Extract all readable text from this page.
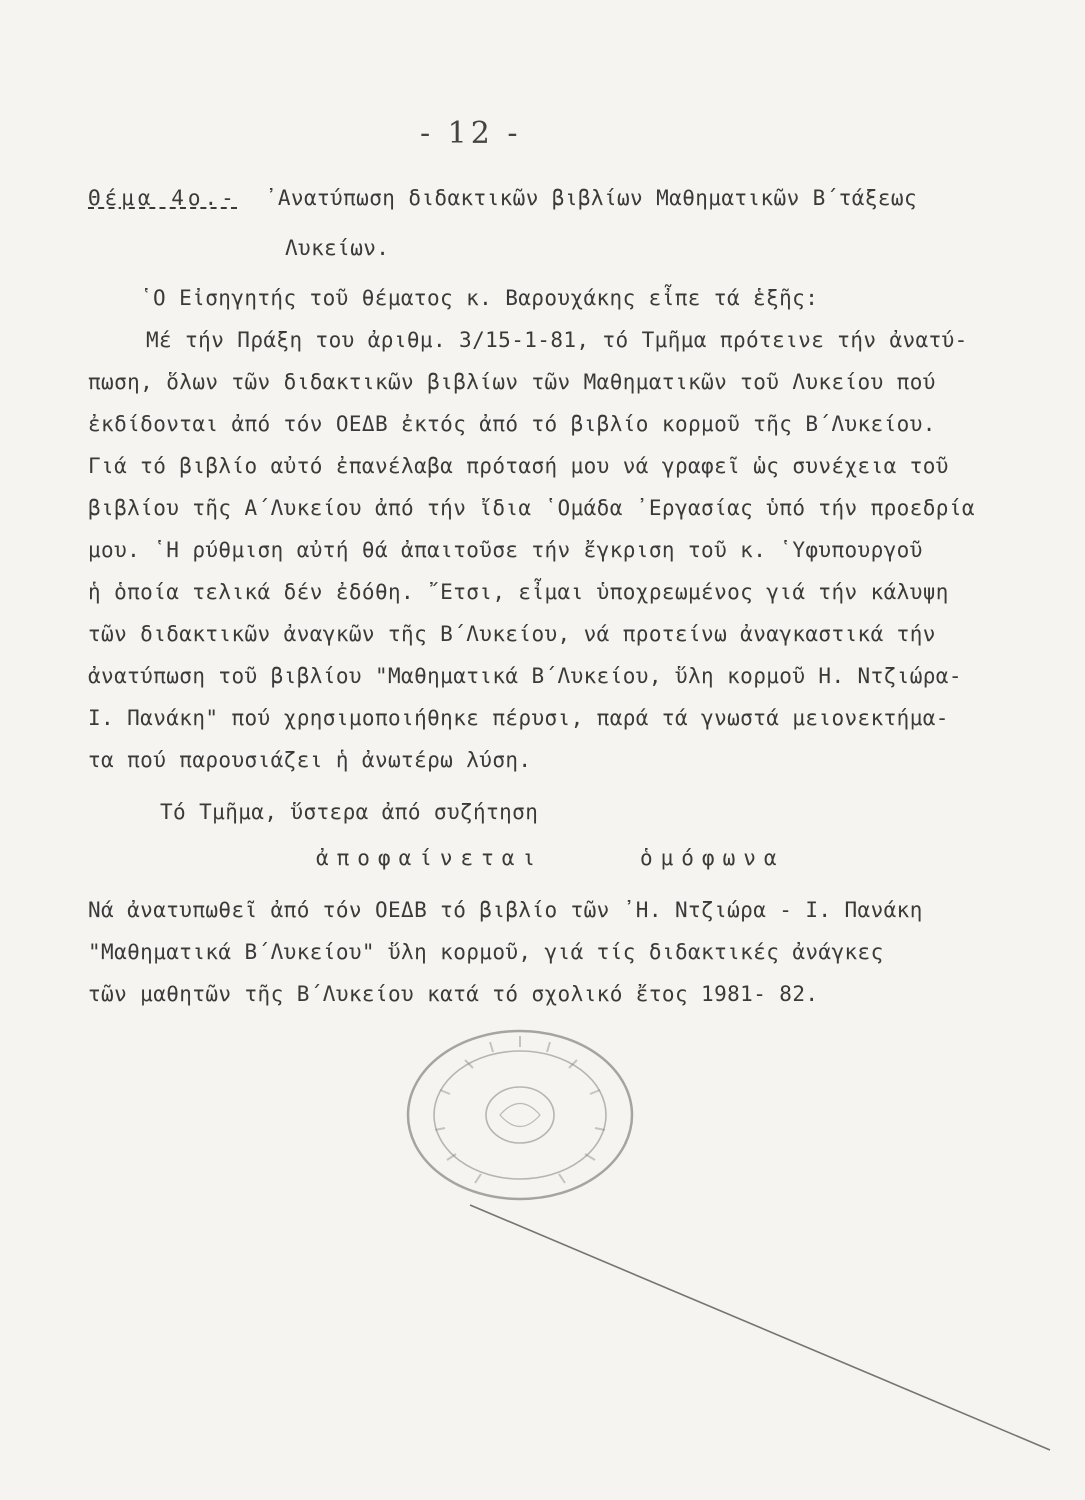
- 12 -
Θέμα 4ο.- ᾿Ανατύπωση διδακτικῶν βιβλίων Μαθηματικῶν Β΄τάξεως
Λυκείων.
῾Ο Εἰσηγητής τοῦ θέματος κ. Βαρουχάκης εἶπε τά ἑξῆς:
Μέ τήν Πράξη του ἀριθμ. 3/15-1-81, τό Τμῆμα πρότεινε τήν ἀνατύ-
πωση, ὅλων τῶν διδακτικῶν βιβλίων τῶν Μαθηματικῶν τοῦ Λυκείου πού
ἐκδίδονται ἀπό τόν ΟΕΔΒ ἐκτός ἀπό τό βιβλίο κορμοῦ τῆς Β΄Λυκείου.
Γιά τό βιβλίο αὐτό ἐπανέλαβα πρότασή μου νά γραφεῖ ὡς συνέχεια τοῦ
βιβλίου τῆς Α΄Λυκείου ἀπό τήν ἴδια ῾Ομάδα ᾿Εργασίας ὑπό τήν προεδρία
μου. ῾Η ρύθμιση αὐτή θά ἀπαιτοῦσε τήν ἔγκριση τοῦ κ. ῾Υφυπουργοῦ
ἡ ὁποία τελικά δέν ἐδόθη. ῎Ετσι, εἶμαι ὑποχρεωμένος γιά τήν κάλυψη
τῶν διδακτικῶν ἀναγκῶν τῆς Β΄Λυκείου, νά προτείνω ἀναγκαστικά τήν
ἀνατύπωση τοῦ βιβλίου "Μαθηματικά Β΄Λυκείου, ὕλη κορμοῦ Η. Ντζιώρα-
Ι. Πανάκη" πού χρησιμοποιήθηκε πέρυσι, παρά τά γνωστά μειονεκτήμα-
τα πού παρουσιάζει ἡ ἀνωτέρω λύση.
Τό Τμῆμα, ὕστερα ἀπό συζήτηση
ἀποφαίνεται	ὁμόφωνα
Νά ἀνατυπωθεῖ ἀπό τόν ΟΕΔΒ τό βιβλίο τῶν ᾿Η. Ντζιώρα - Ι. Πανάκη
"Μαθηματικά Β΄Λυκείου" ὕλη κορμοῦ, γιά τίς διδακτικές ἀνάγκες
τῶν μαθητῶν τῆς Β΄Λυκείου κατά τό σχολικό ἔτος 1981- 82.
